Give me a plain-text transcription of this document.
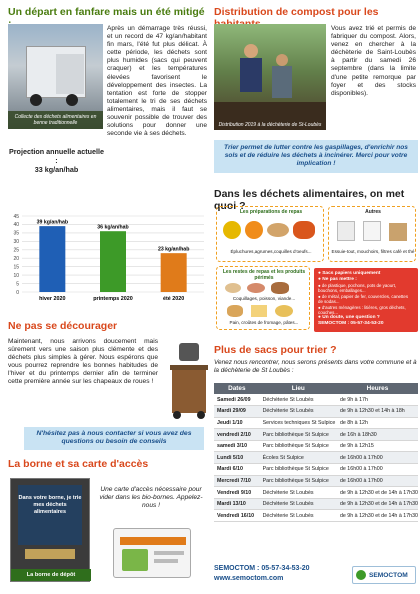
Un départ en fanfare mais un été mitigé
Collecte des déchets alimentaires en benne traditionnelle

Après un démarrage très réussi, et un record de 47 kg/an/habitant fin mars, l'été fut plus délicat. À cette période, les déchets sont plus humides (sacs qui peuvent craquer) et les températures élevées favorisent le développement des insectes. La tentation est forte de stopper totalement le tri de ses déchets alimentaires, mais il faut se souvenir possible de trouver des solutions pour donner une seconde vie à ses déchets.

Projection annuelle actuelle :
33 kg/an/hab
0
5
10
15
20
25
30
35
40
45
39 kg/an/hab
hiver 2020
36 kg/an/hab
printemps 2020
23 kg/an/hab
été 2020
Ne pas se décourager

Maintenant, nous arrivons doucement mais sûrement vers une saison plus clémente et des déchets plus simples à gérer. Nous espérons que vous pourrez reprendre les bonnes habitudes de l'hiver et du printemps dernier afin de terminer cette première année sur les chapeaux de roues !

N'hésitez pas à nous contacter si vous avez des questions ou besoin de conseils
La borne et sa carte d'accès
Dans votre borne, je trie mes déchets alimentaires
La borne de dépôt

Une carte d'accès nécessaire pour vider dans les bio-bornes. Appelez-nous !

Distribution de compost pour les
Distribution 2019 à la déchèterie de St-Loubès

Vous avez trié et permis de fabriquer du compost. Alors, venez en chercher à la déchèterie de Saint-Loubès à partir du samedi 26 septembre (dans la limite d'une petite remorque par foyer et des stocks disponibles).

Trier permet de lutter contre les gaspillages, d'enrichir nos sols et de réduire les déchets à incinérer. Merci pour votre implication !
Dans les déchets alimentaires, on met quoi ?
Les préparations de repas
Épluchures,agrumes,coquilles d'oeufs...
Autres
Essuie-tout, mouchoirs, filtres café et thé
Les restes de repas et les produits périmés
Coquillages, poisson, viande...
Pain, croûtes de fromage, pâtes...
● Sacs papiers uniquement
● Ne pas mettre :
● de plastique, pochons, pots de yaourt, bouchons, emballages...
● de métal, papier de fer, couvercles, canettes de sodas...
● d'autres ménagères : litières, gros déchets, couches...
● Un doute, une question ?
SEMOCTOM : 05-57-34-53-20
Plus de sacs pour trier ?

Venez nous rencontrer, nous serons présents dans votre commune et à la déchèterie de St Loubès :

Dates	Lieu	Heures
Samedi 26/09	Déchèterie St Loubès	de 9h à 17h
Mardi 29/09	Déchèterie St Loubès	de 9h à 12h30 et 14h à 18h
Jeudi 1/10	Services techniques St Sulpice	de 8h à 12h
vendredi 2/10	Parc bibliothèque St Sulpice	de 16h à 18h30
samedi 3/10	Parc bibliothèque St Sulpice	de 9h à 12h15
Lundi 5/10	Écoles St Sulpice	de 16h00 à 17h00
Mardi 6/10	Parc bibliothèque St Sulpice	de 16h00 à 17h00
Mercredi 7/10	Parc bibliothèque St Sulpice	de 16h00 à 17h00
Vendredi 9/10	Déchèterie St Loubès	de 9h à 12h30 et de 14h à 17h30
Mardi 13/10	Déchèterie St Loubès	de 9h à 12h30 et de 14h à 17h30
Vendredi 16/10	Déchèterie St Loubès	de 9h à 12h30 et de 14h à 17h30
SEMOCTOM : 05-57-34-53-20
www.semoctom.com	SEMOCTOM
